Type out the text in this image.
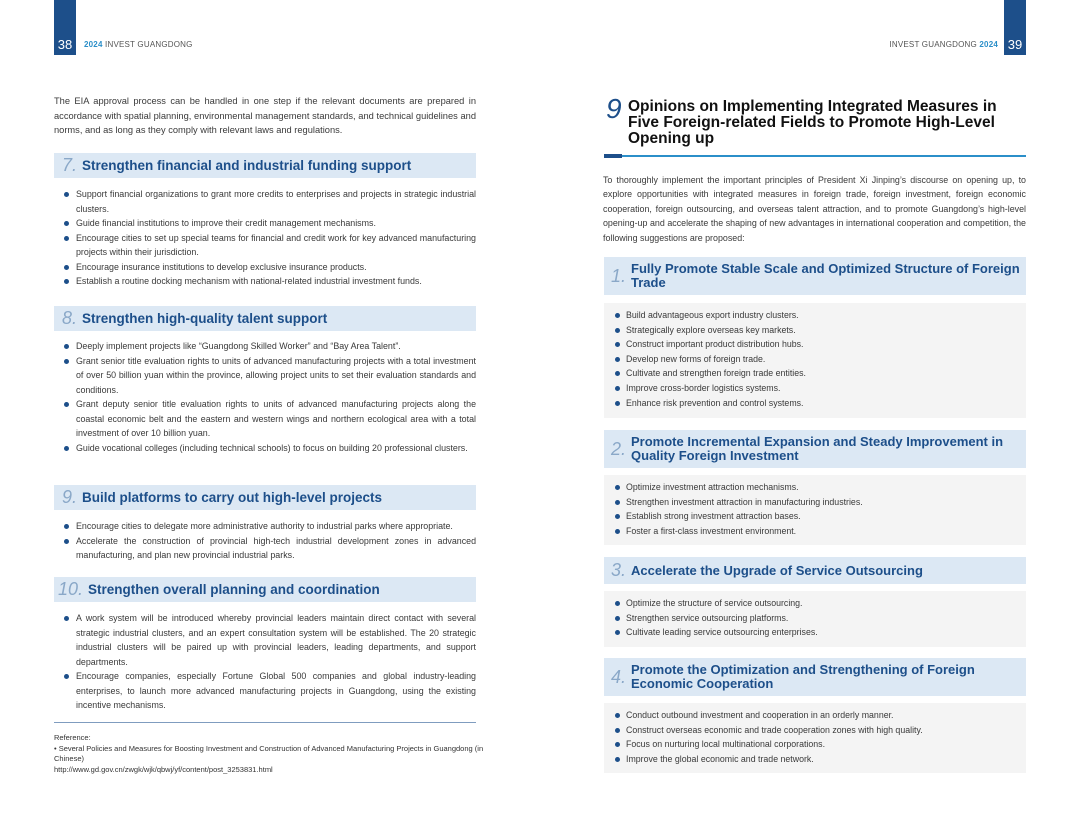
38	2024 INVEST GUANGDONG
The EIA approval process can be handled in one step if the relevant documents are prepared in accordance with spatial planning, environmental management standards, and technical guidelines and norms, and as long as they comply with relevant laws and regulations.
7. Strengthen financial and industrial funding support
Support financial organizations to grant more credits to enterprises and projects in strategic industrial clusters.
Guide financial institutions to improve their credit management mechanisms.
Encourage cities to set up special teams for financial and credit work for key advanced manufacturing projects within their jurisdiction.
Encourage insurance institutions to develop exclusive insurance products.
Establish a routine docking mechanism with national-related industrial investment funds.
8. Strengthen high-quality talent support
Deeply implement projects like “Guangdong Skilled Worker” and “Bay Area Talent”.
Grant senior title evaluation rights to units of advanced manufacturing projects with a total investment of over 50 billion yuan within the province, allowing project units to set their evaluation standards and conditions.
Grant deputy senior title evaluation rights to units of advanced manufacturing projects along the coastal economic belt and the eastern and western wings and northern ecological area with a total investment of over 10 billion yuan.
Guide vocational colleges (including technical schools) to focus on building 20 professional clusters.
9. Build platforms to carry out high-level projects
Encourage cities to delegate more administrative authority to industrial parks where appropriate.
Accelerate the construction of provincial high-tech industrial development zones in advanced manufacturing, and plan new provincial industrial parks.
10. Strengthen overall planning and coordination
A work system will be introduced whereby provincial leaders maintain direct contact with several strategic industrial clusters, and an expert consultation system will be established. The 20 strategic industrial clusters will be paired up with provincial leaders, leading departments, and support departments.
Encourage companies, especially Fortune Global 500 companies and global industry-leading enterprises, to launch more advanced manufacturing projects in Guangdong, using the existing incentive mechanisms.
Reference:
• Several Policies and Measures for Boosting Investment and Construction of Advanced Manufacturing Projects in Guangdong (in Chinese)
http://www.gd.gov.cn/zwgk/wjk/qbwj/yf/content/post_3253831.html
39
INVEST GUANGDONG 2024
9 Opinions on Implementing Integrated Measures in Five Foreign-related Fields to Promote High-Level Opening up
To thoroughly implement the important principles of President Xi Jinping’s discourse on opening up, to explore opportunities with integrated measures in foreign trade, foreign investment, foreign economic cooperation, foreign outsourcing, and overseas talent attraction, and to promote Guangdong’s high-level opening-up and accelerate the shaping of new advantages in international cooperation and competition, the following suggestions are proposed:
1. Fully Promote Stable Scale and Optimized Structure of Foreign Trade
Build advantageous export industry clusters.
Strategically explore overseas key markets.
Construct important product distribution hubs.
Develop new forms of foreign trade.
Cultivate and strengthen foreign trade entities.
Improve cross-border logistics systems.
Enhance risk prevention and control systems.
2. Promote Incremental Expansion and Steady Improvement in Quality Foreign Investment
Optimize investment attraction mechanisms.
Strengthen investment attraction in manufacturing industries.
Establish strong investment attraction bases.
Foster a first-class investment environment.
3. Accelerate the Upgrade of Service Outsourcing
Optimize the structure of service outsourcing.
Strengthen service outsourcing platforms.
Cultivate leading service outsourcing enterprises.
4. Promote the Optimization and Strengthening of Foreign Economic Cooperation
Conduct outbound investment and cooperation in an orderly manner.
Construct overseas economic and trade cooperation zones with high quality.
Focus on nurturing local multinational corporations.
Improve the global economic and trade network.
